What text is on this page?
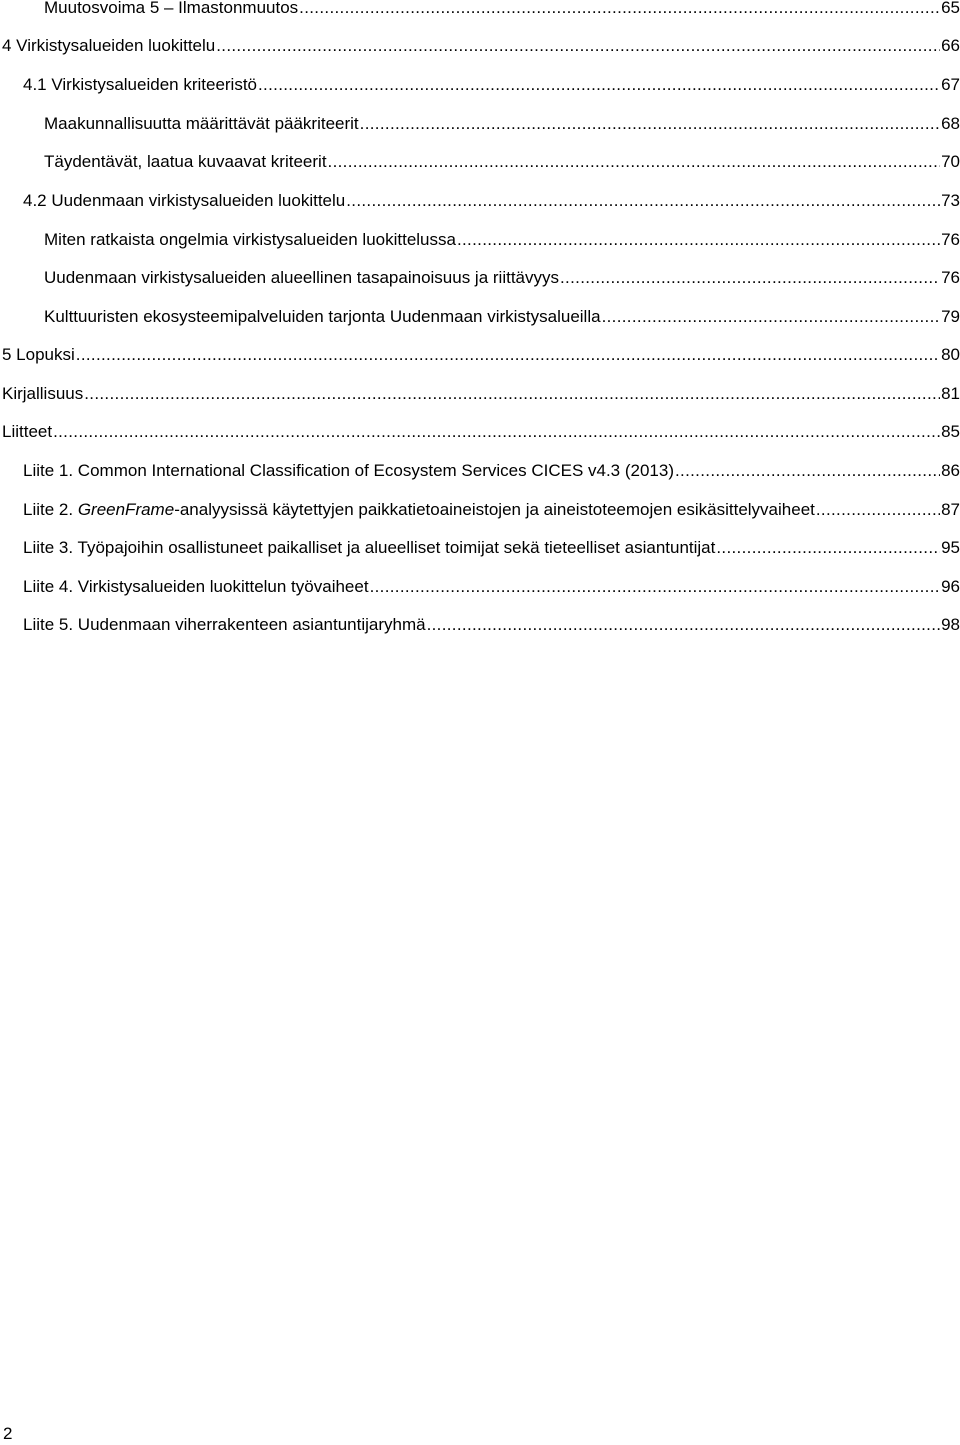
Muutosvoima 5 – Ilmastonmuutos . . .	65
4 Virkistysalueiden luokittelu . . .	66
4.1 Virkistysalueiden kriteeristö . . .	67
Maakunnallisuutta määrittävät pääkriteerit . . .	68
Täydentävät, laatua kuvaavat kriteerit . . .	70
4.2 Uudenmaan virkistysalueiden luokittelu . . .	73
Miten ratkaista ongelmia virkistysalueiden luokittelussa . . .	76
Uudenmaan virkistysalueiden alueellinen tasapainoisuus ja riittävyys . . .	76
Kulttuuristen ekosysteemipalveluiden tarjonta Uudenmaan virkistysalueilla . . .	79
5 Lopuksi . . .	80
Kirjallisuus . . .	81
Liitteet . . .	85
Liite 1. Common International Classification of Ecosystem Services CICES v4.3 (2013) . . .	86
Liite 2. GreenFrame-analyysissä käytettyjen paikkatietoaineistojen ja aineistoteemojen esikäsittelyvaiheet . . .	87
Liite 3. Työpajoihin osallistuneet paikalliset ja alueelliset toimijat sekä tieteelliset asiantuntijat . . .	95
Liite 4. Virkistysalueiden luokittelun työvaiheet . . .	96
Liite 5. Uudenmaan viherrakenteen asiantuntijaryhmä . . .	98
2
